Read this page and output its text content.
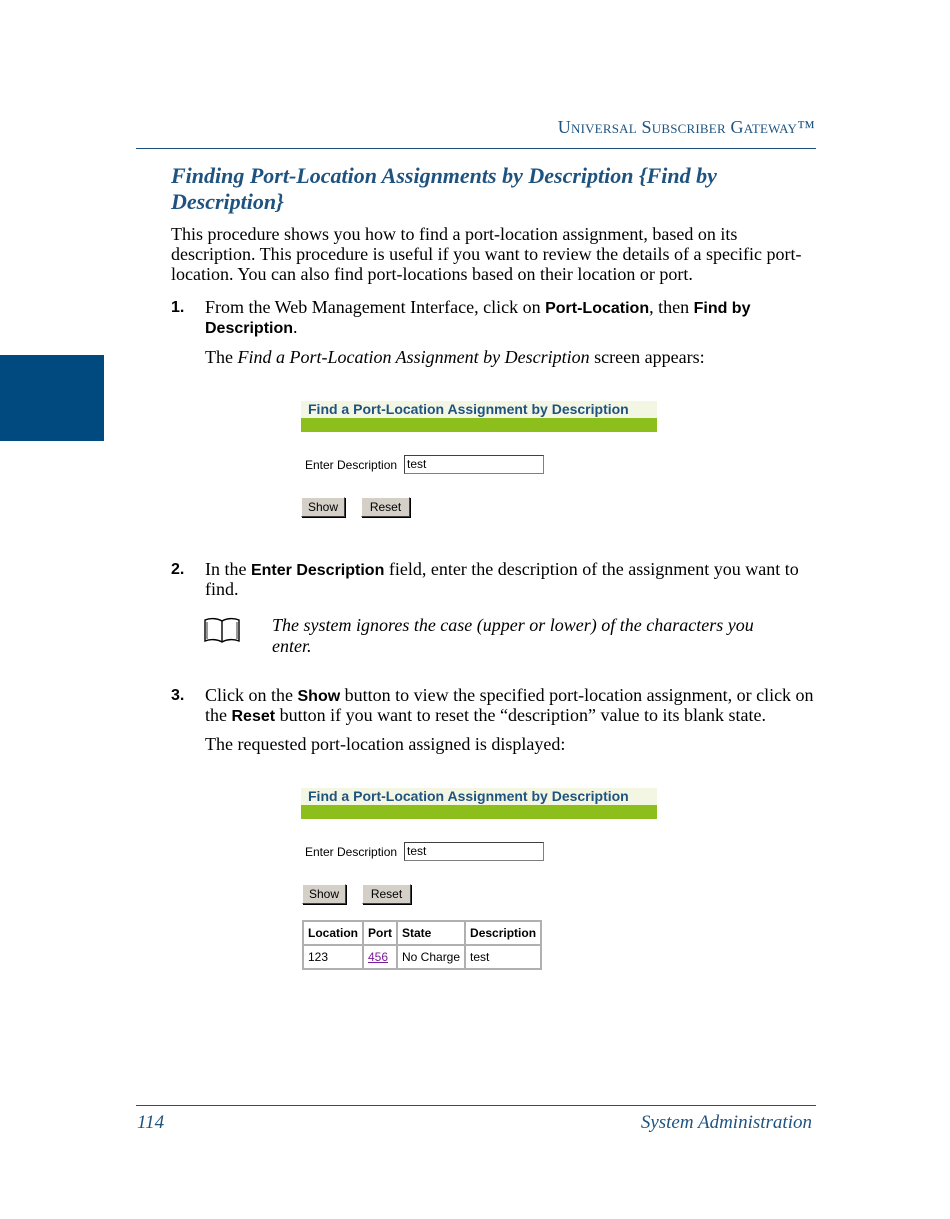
Universal Subscriber Gateway™
Finding Port-Location Assignments by Description {Find by Description}

This procedure shows you how to find a port-location assignment, based on its description. This procedure is useful if you want to review the details of a specific port-location. You can also find port-locations based on their location or port.

1. From the Web Management Interface, click on Port-Location, then Find by Description.
The Find a Port-Location Assignment by Description screen appears:
Find a Port-Location Assignment by Description
Enter Description test
Show	Reset
2. In the Enter Description field, enter the description of the assignment you want to find.
The system ignores the case (upper or lower) of the characters you enter.
3. Click on the Show button to view the specified port-location assignment, or click on the Reset button if you want to reset the “description” value to its blank state.
The requested port-location assigned is displayed:
Find a Port-Location Assignment by Description
Enter Description test
Show	Reset
Location	Port	State	Description
123	456	No Charge	test
114	System Administration
